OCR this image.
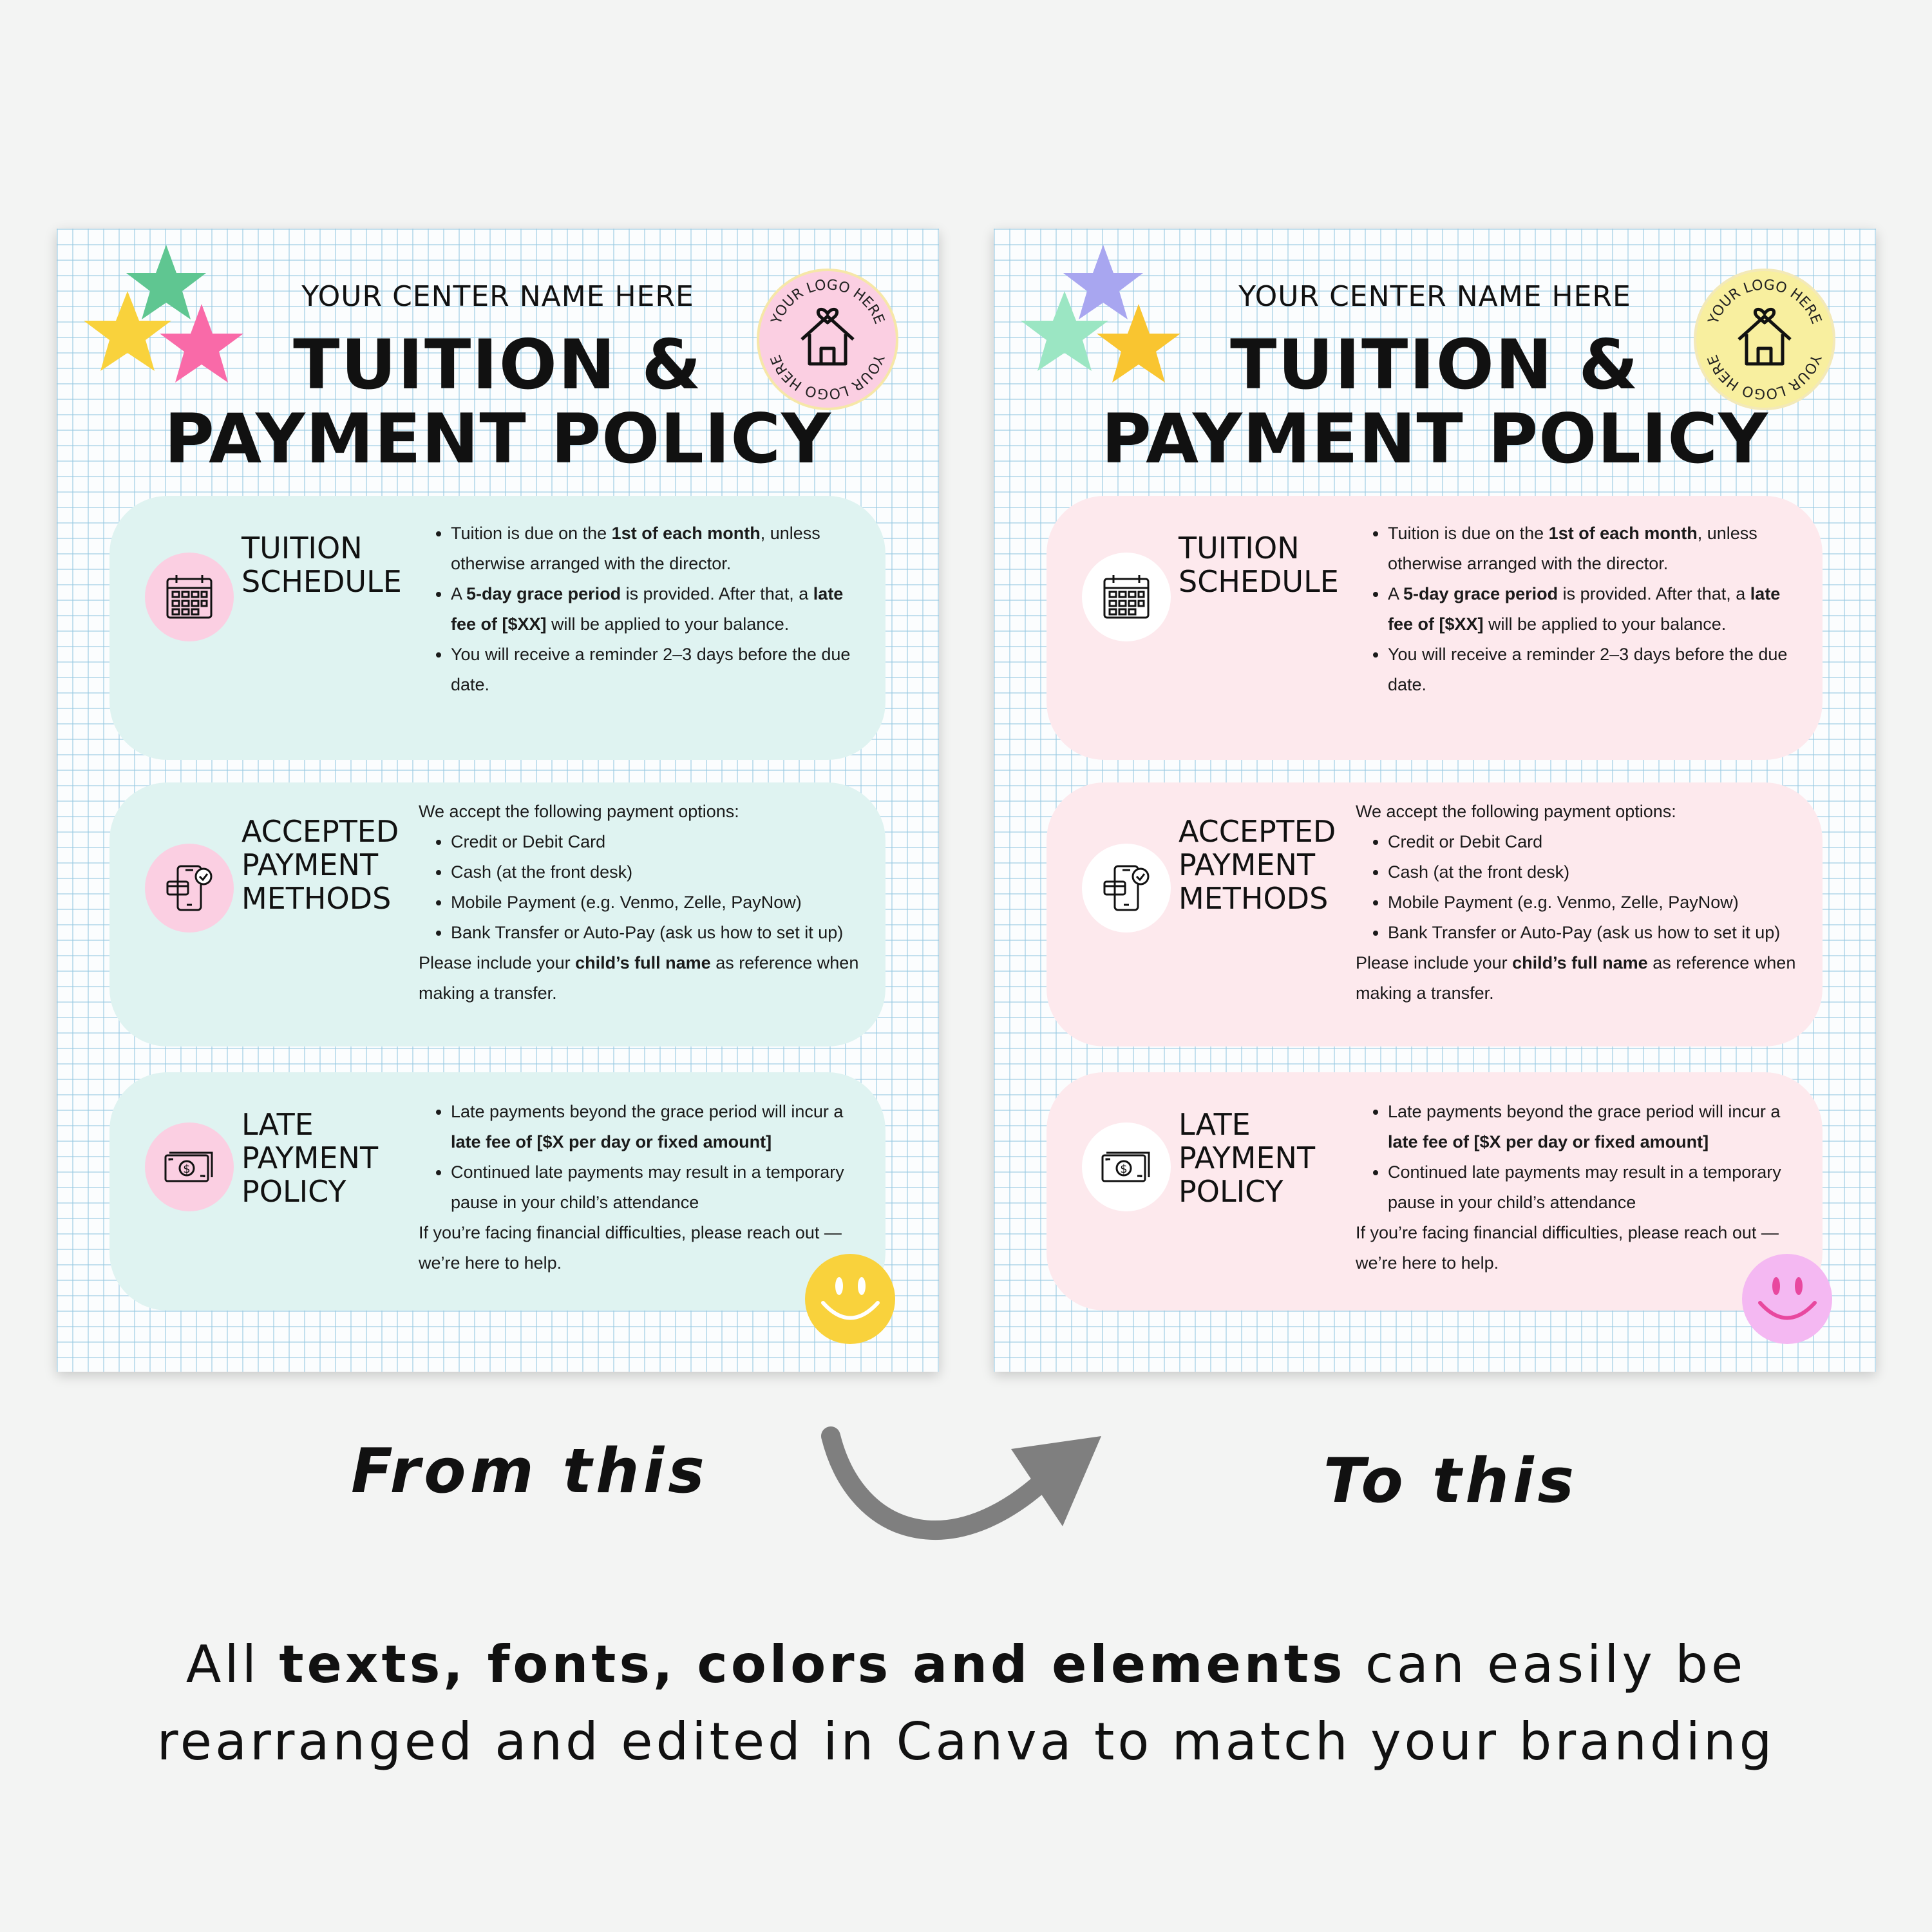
YOUR LOGO HERE
YOUR LOGO HERE
YOUR CENTER NAME HERE
TUITION &
PAYMENT POLICY
TUITION
SCHEDULE
• Tuition is due on the 1st of each month, unless otherwise arranged with the director.
• A 5-day grace period is provided. After that, a late fee of [$XX] will be applied to your balance.
• You will receive a reminder 2–3 days before the due date.
ACCEPTED
PAYMENT
METHODS

We accept the following payment options:

• Credit or Debit Card
• Cash (at the front desk)
• Mobile Payment (e.g. Venmo, Zelle, PayNow)
• Bank Transfer or Auto-Pay (ask us how to set it up)

Please include your child’s full name as reference when making a transfer.

$
LATE
PAYMENT
POLICY
• Late payments beyond the grace period will incur a late fee of [$X per day or fixed amount]
• Continued late payments may result in a temporary pause in your child’s attendance

If you’re facing financial difficulties, please reach out — we’re here to help.

YOUR LOGO HERE
YOUR LOGO HERE
YOUR CENTER NAME HERE
TUITION &
PAYMENT POLICY
TUITION
SCHEDULE
• Tuition is due on the 1st of each month, unless otherwise arranged with the director.
• A 5-day grace period is provided. After that, a late fee of [$XX] will be applied to your balance.
• You will receive a reminder 2–3 days before the due date.
ACCEPTED
PAYMENT
METHODS

We accept the following payment options:

• Credit or Debit Card
• Cash (at the front desk)
• Mobile Payment (e.g. Venmo, Zelle, PayNow)
• Bank Transfer or Auto-Pay (ask us how to set it up)

Please include your child’s full name as reference when making a transfer.

$
LATE
PAYMENT
POLICY
• Late payments beyond the grace period will incur a late fee of [$X per day or fixed amount]
• Continued late payments may result in a temporary pause in your child’s attendance

If you’re facing financial difficulties, please reach out — we’re here to help.

From this	To this
All texts, fonts, colors and elements can easily be
rearranged and edited in Canva to match your branding
